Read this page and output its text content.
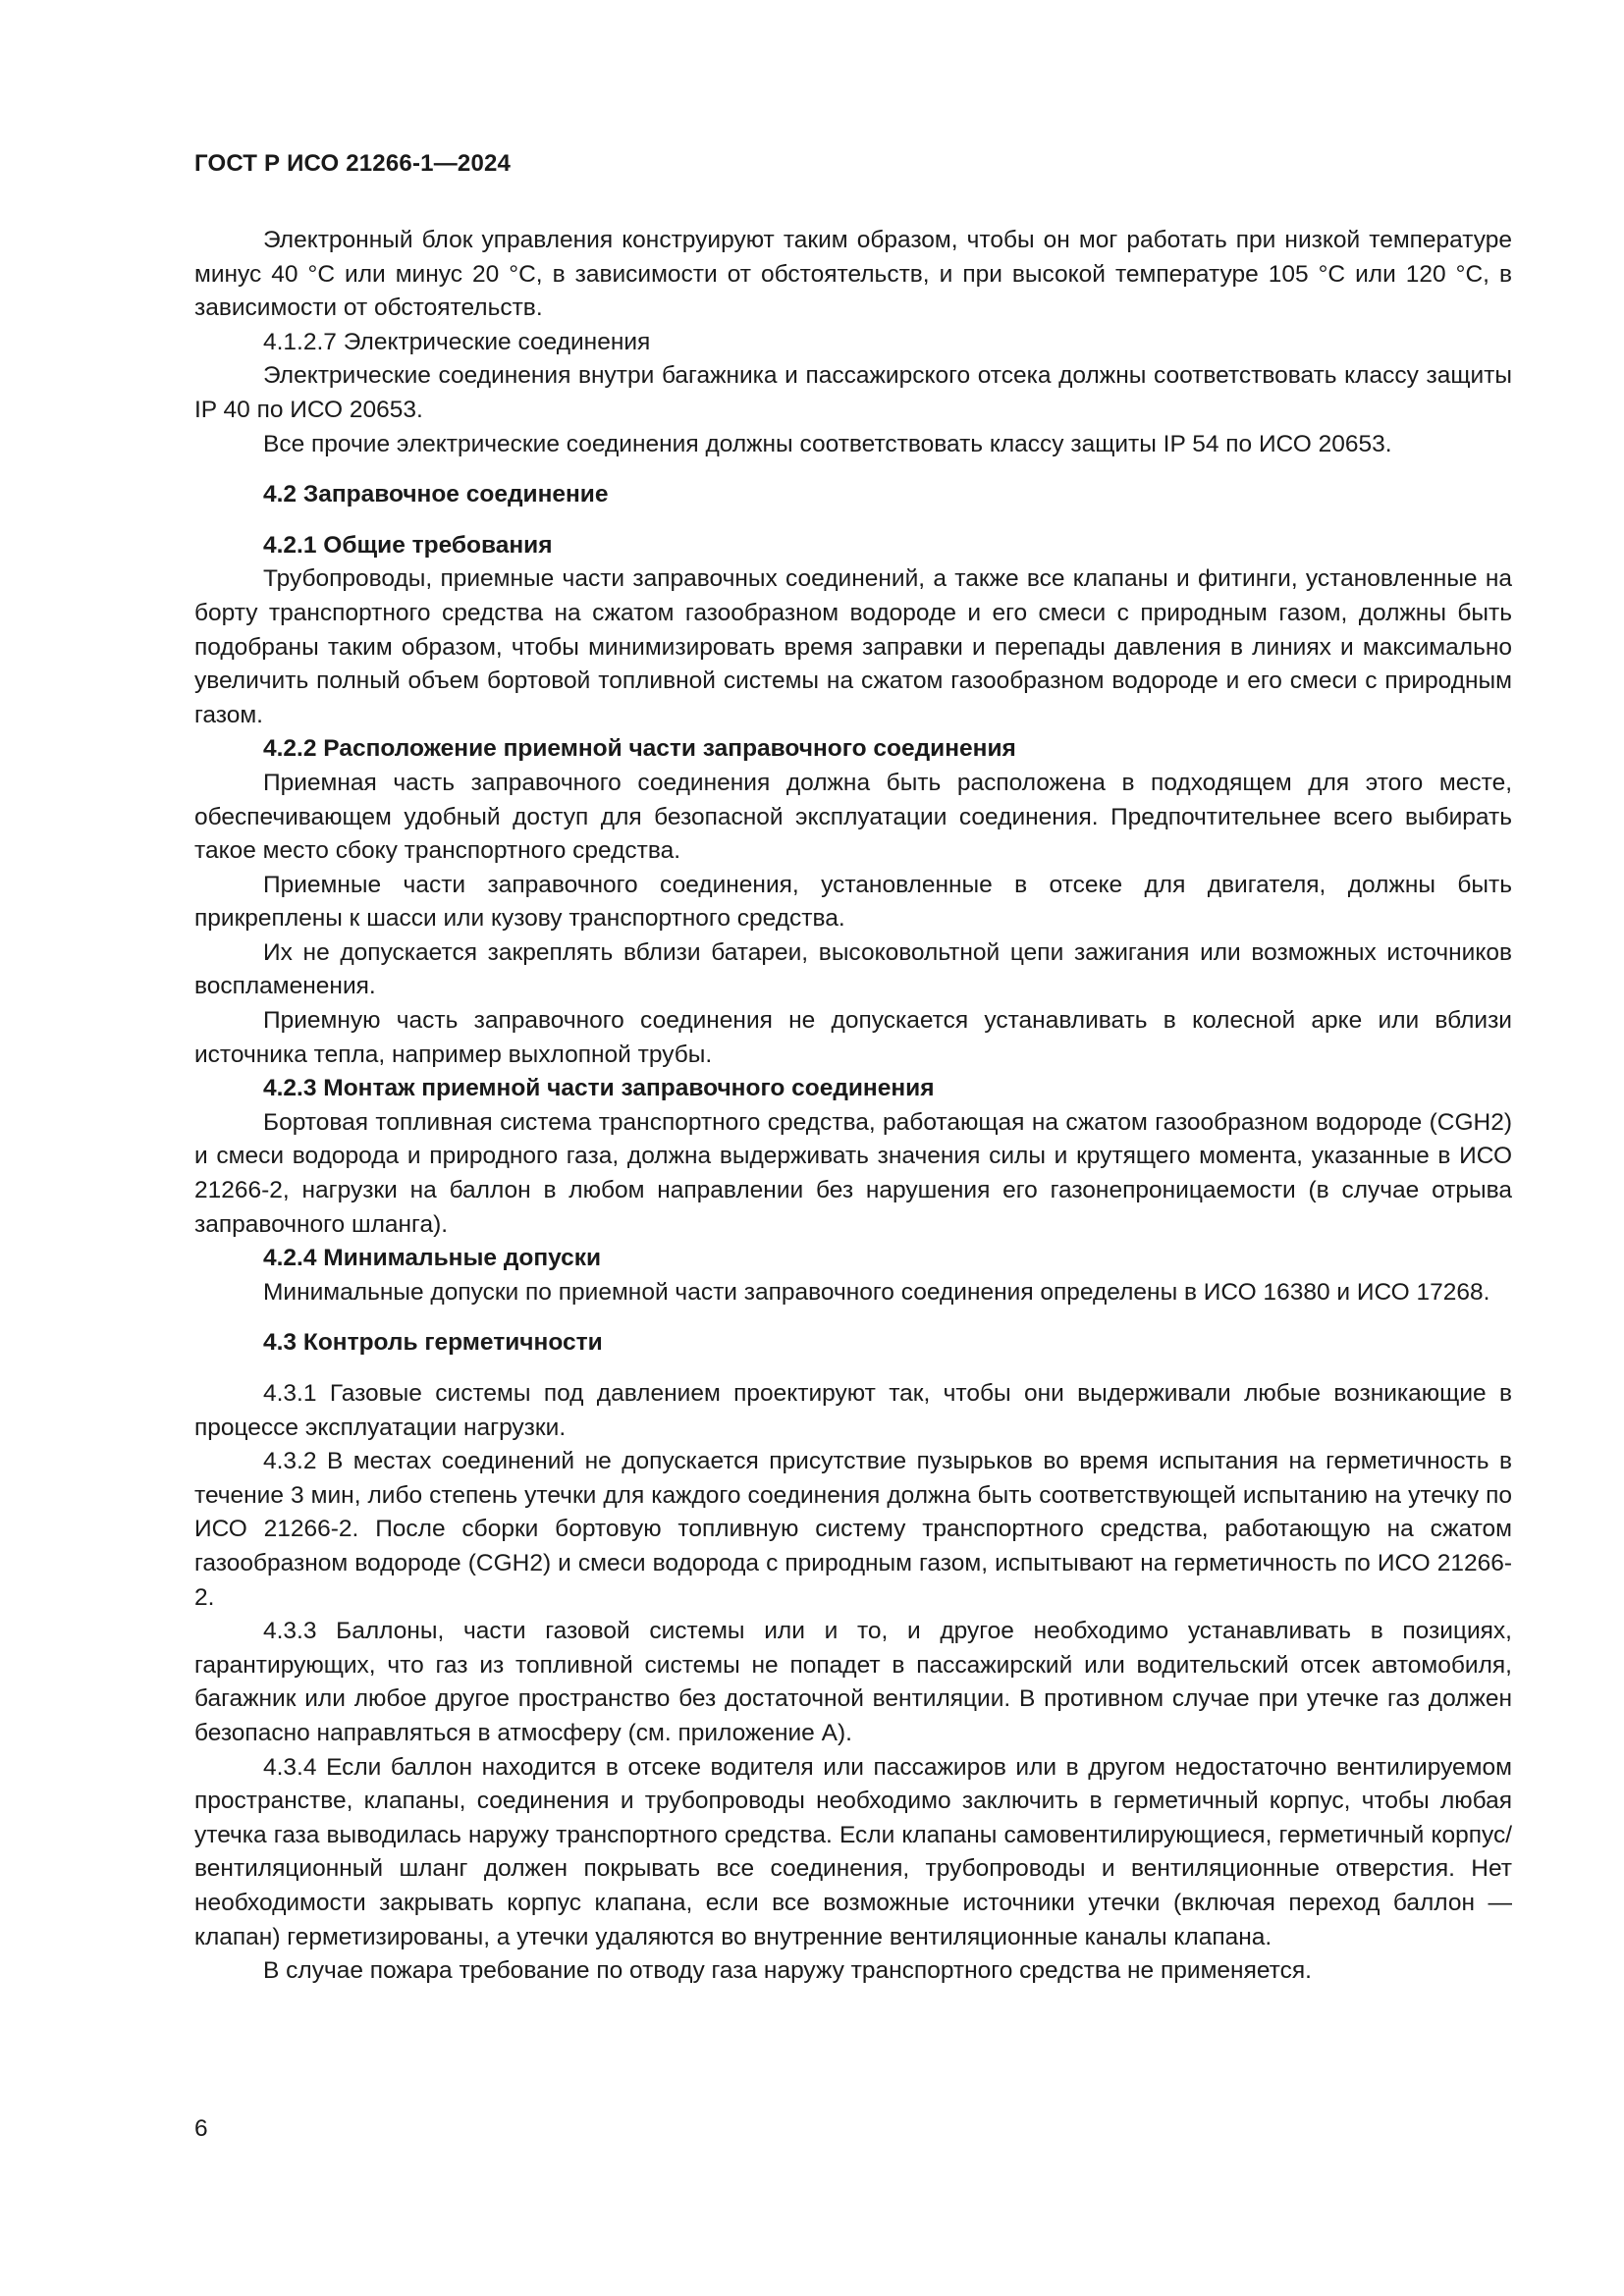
ГОСТ Р ИСО 21266-1—2024

Электронный блок управления конструируют таким образом, чтобы он мог работать при низкой температуре минус 40 °С или минус 20 °С, в зависимости от обстоятельств, и при высокой температуре 105 °С или 120 °С, в зависимости от обстоятельств.

4.1.2.7 Электрические соединения

Электрические соединения внутри багажника и пассажирского отсека должны соответствовать классу защиты IP 40 по ИСО 20653.

Все прочие электрические соединения должны соответствовать классу защиты IP 54 по ИСО 20653.

4.2 Заправочное соединение
4.2.1 Общие требования

Трубопроводы, приемные части заправочных соединений, а также все клапаны и фитинги, установленные на борту транспортного средства на сжатом газообразном водороде и его смеси с природным газом, должны быть подобраны таким образом, чтобы минимизировать время заправки и перепады давления в линиях и максимально увеличить полный объем бортовой топливной системы на сжатом газообразном водороде и его смеси с природным газом.

4.2.2 Расположение приемной части заправочного соединения

Приемная часть заправочного соединения должна быть расположена в подходящем для этого месте, обеспечивающем удобный доступ для безопасной эксплуатации соединения. Предпочтительнее всего выбирать такое место сбоку транспортного средства.

Приемные части заправочного соединения, установленные в отсеке для двигателя, должны быть прикреплены к шасси или кузову транспортного средства.

Их не допускается закреплять вблизи батареи, высоковольтной цепи зажигания или возможных источников воспламенения.

Приемную часть заправочного соединения не допускается устанавливать в колесной арке или вблизи источника тепла, например выхлопной трубы.

4.2.3 Монтаж приемной части заправочного соединения

Бортовая топливная система транспортного средства, работающая на сжатом газообразном водороде (CGH2) и смеси водорода и природного газа, должна выдерживать значения силы и крутящего момента, указанные в ИСО 21266-2, нагрузки на баллон в любом направлении без нарушения его газонепроницаемости (в случае отрыва заправочного шланга).

4.2.4 Минимальные допуски

Минимальные допуски по приемной части заправочного соединения определены в ИСО 16380 и ИСО 17268.

4.3 Контроль герметичности

4.3.1 Газовые системы под давлением проектируют так, чтобы они выдерживали любые возникающие в процессе эксплуатации нагрузки.

4.3.2 В местах соединений не допускается присутствие пузырьков во время испытания на герметичность в течение 3 мин, либо степень утечки для каждого соединения должна быть соответствующей испытанию на утечку по ИСО 21266-2. После сборки бортовую топливную систему транспортного средства, работающую на сжатом газообразном водороде (CGH2) и смеси водорода с природным газом, испытывают на герметичность по ИСО 21266-2.

4.3.3 Баллоны, части газовой системы или и то, и другое необходимо устанавливать в позициях, гарантирующих, что газ из топливной системы не попадет в пассажирский или водительский отсек автомобиля, багажник или любое другое пространство без достаточной вентиляции. В противном случае при утечке газ должен безопасно направляться в атмосферу (см. приложение А).

4.3.4 Если баллон находится в отсеке водителя или пассажиров или в другом недостаточно вентилируемом пространстве, клапаны, соединения и трубопроводы необходимо заключить в герметичный корпус, чтобы любая утечка газа выводилась наружу транспортного средства. Если клапаны самовентилирующиеся, герметичный корпус/вентиляционный шланг должен покрывать все соединения, трубопроводы и вентиляционные отверстия. Нет необходимости закрывать корпус клапана, если все возможные источники утечки (включая переход баллон — клапан) герметизированы, а утечки удаляются во внутренние вентиляционные каналы клапана.

В случае пожара требование по отводу газа наружу транспортного средства не применяется.

6
